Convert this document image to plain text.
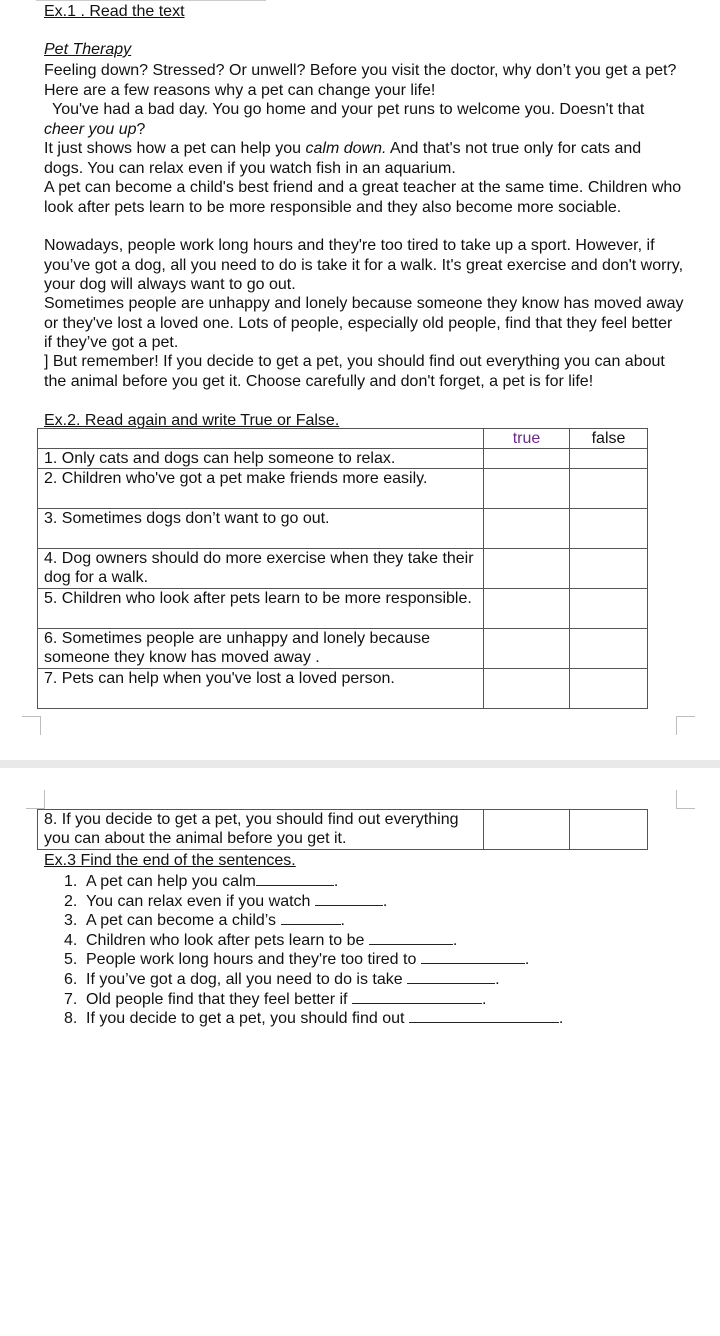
Ex.1 . Read the text
Pet Therapy
Feeling down? Stressed? Or unwell? Before you visit the doctor, why don’t you get a pet? Here are a few reasons why a pet can change your life!
You've had a bad day. You go home and your pet runs to welcome you. Doesn't that
cheer you up?
It just shows how a pet can help you calm down. And that's not true only for cats and dogs. You can relax even if you watch fish in an aquarium.
A pet can become a child's best friend and a great teacher at the same time. Children who look after pets learn to be more responsible and they also become more sociable.
Nowadays, people work long hours and they're too tired to take up a sport. However, if you’ve got a dog, all you need to do is take it for a walk. It's great exercise and don't worry, your dog will always want to go out.
Sometimes people are unhappy and lonely because someone they know has moved away or they've lost a loved one. Lots of people, especially old people, find that they feel better if they’ve got a pet.
] But remember! If you decide to get a pet, you should find out everything you can about the animal before you get it. Choose carefully and don't forget, a pet is for life!
Ex.2. Read again and write True or False.
	true	false
1. Only cats and dogs can help someone to relax.		
2. Children who've got a pet make friends more easily.		
3. Sometimes dogs don’t want to go out.		
4. Dog owners should do more exercise when they take their dog for a walk.		
5. Children who look after pets learn to be more responsible.		
6. Sometimes people are unhappy and lonely because someone they know has moved away .		
7. Pets can help when you've lost a loved person.		
8. If you decide to get a pet, you should find out everything you can about the animal before you get it.		
Ex.3 Find the end of the sentences.
1. A pet can help you calm	.
2. You can relax even if you watch	.
3. A pet can become a child’s	.
4. Children who look after pets learn to be	.
5. People work long hours and they're too tired to	.
6. If you’ve got a dog, all you need to do is take	.
7. Old people find that they feel better if	.
8. If you decide to get a pet, you should find out	.
